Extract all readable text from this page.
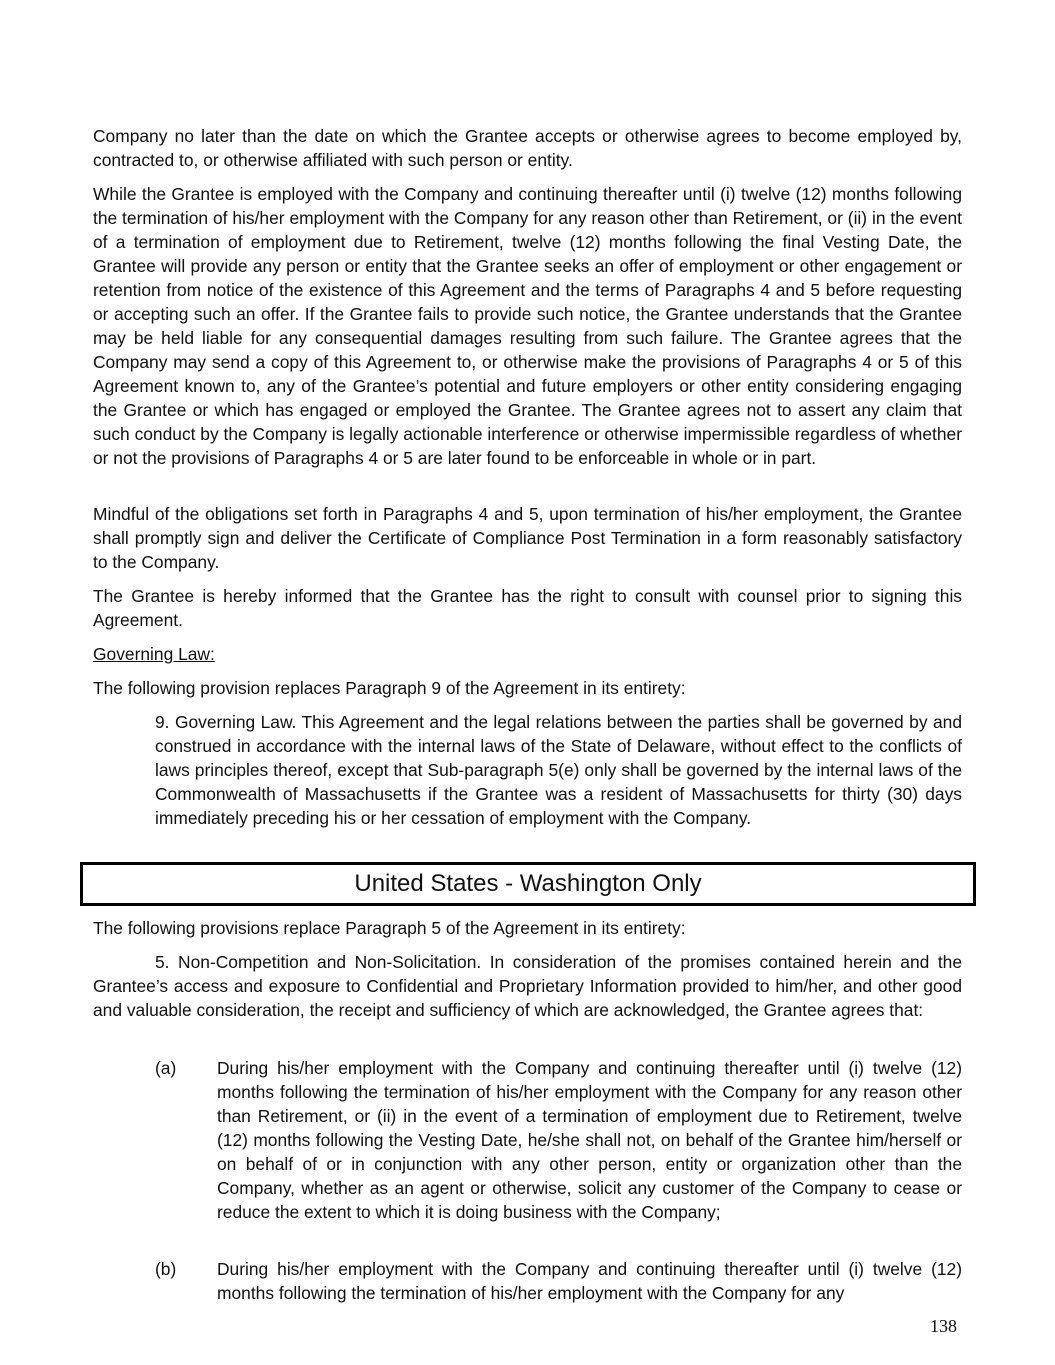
Company no later than the date on which the Grantee accepts or otherwise agrees to become employed by, contracted to, or otherwise affiliated with such person or entity.

While the Grantee is employed with the Company and continuing thereafter until (i) twelve (12) months following the termination of his/her employment with the Company for any reason other than Retirement, or (ii) in the event of a termination of employment due to Retirement, twelve (12) months following the final Vesting Date, the Grantee will provide any person or entity that the Grantee seeks an offer of employment or other engagement or retention from notice of the existence of this Agreement and the terms of Paragraphs 4 and 5 before requesting or accepting such an offer. If the Grantee fails to provide such notice, the Grantee understands that the Grantee may be held liable for any consequential damages resulting from such failure. The Grantee agrees that the Company may send a copy of this Agreement to, or otherwise make the provisions of Paragraphs 4 or 5 of this Agreement known to, any of the Grantee’s potential and future employers or other entity considering engaging the Grantee or which has engaged or employed the Grantee. The Grantee agrees not to assert any claim that such conduct by the Company is legally actionable interference or otherwise impermissible regardless of whether or not the provisions of Paragraphs 4 or 5 are later found to be enforceable in whole or in part.

Mindful of the obligations set forth in Paragraphs 4 and 5, upon termination of his/her employment, the Grantee shall promptly sign and deliver the Certificate of Compliance Post Termination in a form reasonably satisfactory to the Company.

The Grantee is hereby informed that the Grantee has the right to consult with counsel prior to signing this Agreement.

Governing Law:

The following provision replaces Paragraph 9 of the Agreement in its entirety:

9. Governing Law. This Agreement and the legal relations between the parties shall be governed by and construed in accordance with the internal laws of the State of Delaware, without effect to the conflicts of laws principles thereof, except that Sub-paragraph 5(e) only shall be governed by the internal laws of the Commonwealth of Massachusetts if the Grantee was a resident of Massachusetts for thirty (30) days immediately preceding his or her cessation of employment with the Company.

United States - Washington Only

The following provisions replace Paragraph 5 of the Agreement in its entirety:

5. Non-Competition and Non-Solicitation. In consideration of the promises contained herein and the Grantee’s access and exposure to Confidential and Proprietary Information provided to him/her, and other good and valuable consideration, the receipt and sufficiency of which are acknowledged, the Grantee agrees that:

(a) During his/her employment with the Company and continuing thereafter until (i) twelve (12) months following the termination of his/her employment with the Company for any reason other than Retirement, or (ii) in the event of a termination of employment due to Retirement, twelve (12) months following the Vesting Date, he/she shall not, on behalf of the Grantee him/herself or on behalf of or in conjunction with any other person, entity or organization other than the Company, whether as an agent or otherwise, solicit any customer of the Company to cease or reduce the extent to which it is doing business with the Company;

(b) During his/her employment with the Company and continuing thereafter until (i) twelve (12) months following the termination of his/her employment with the Company for any

138
